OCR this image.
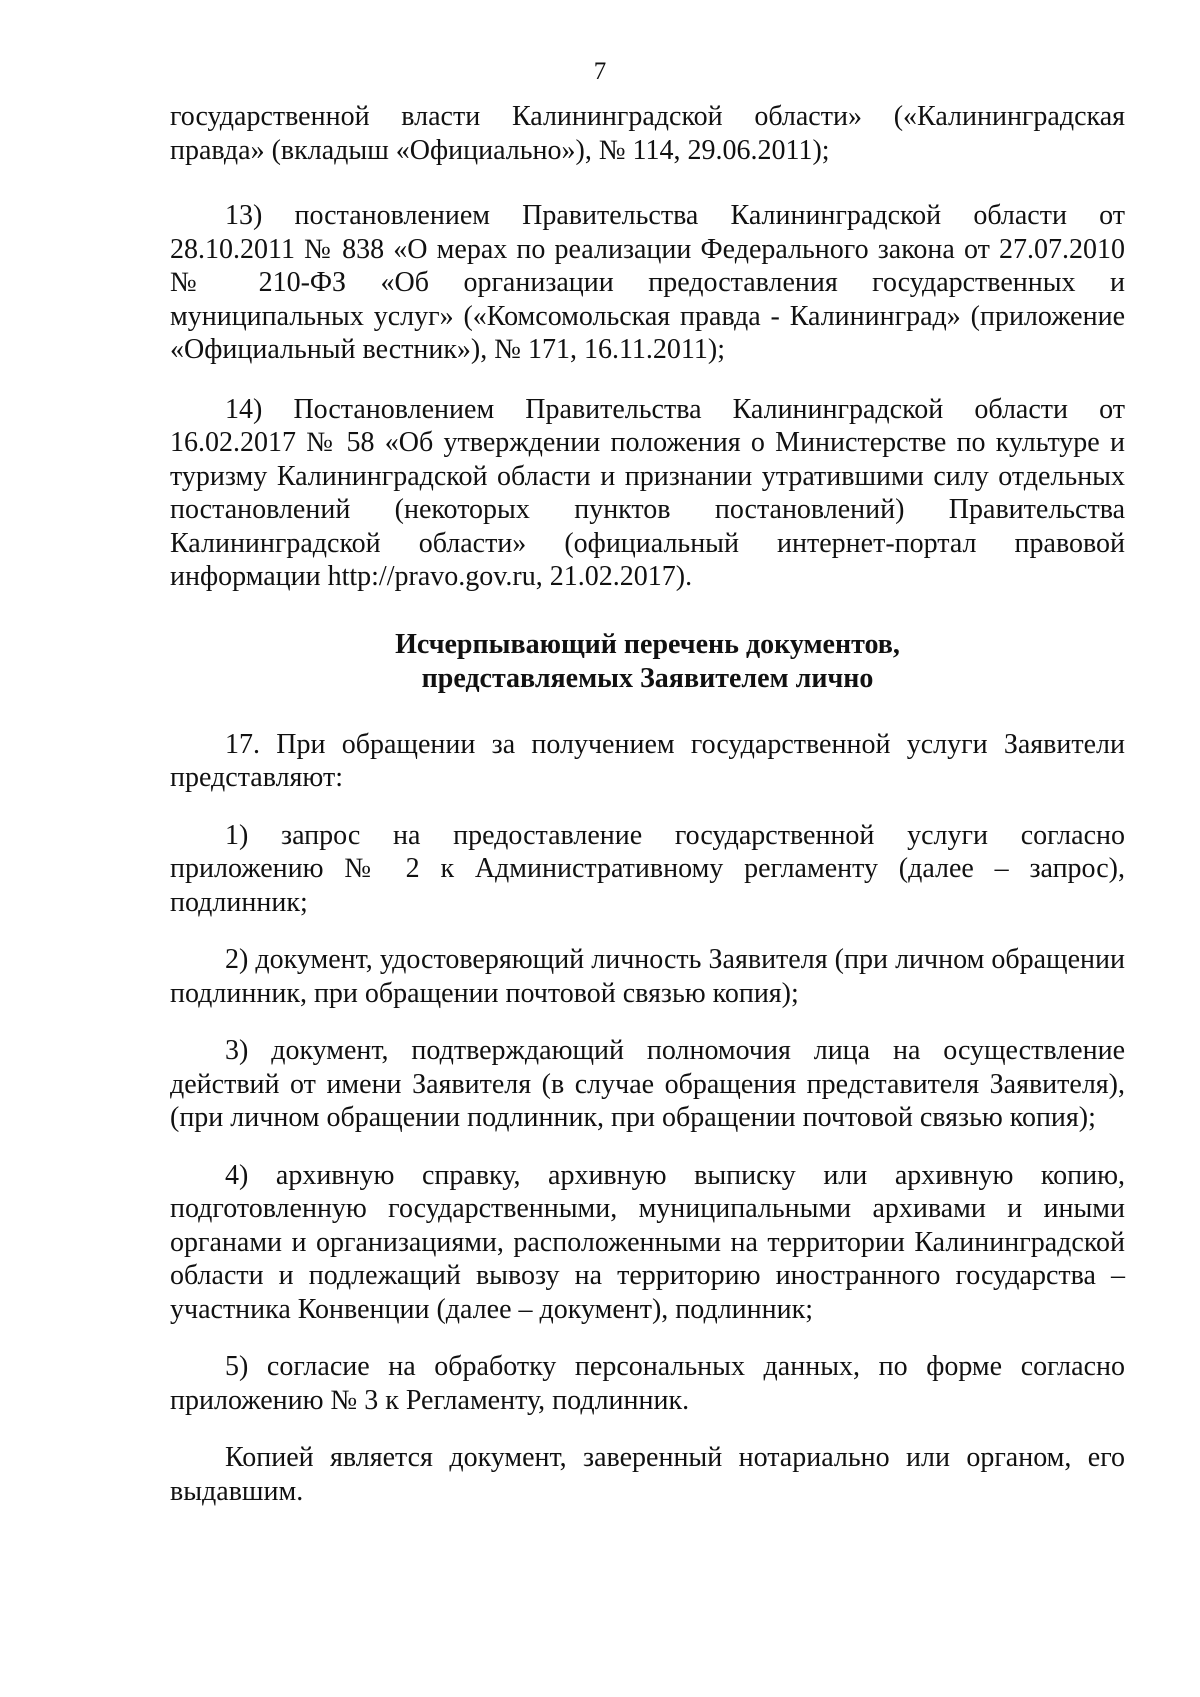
7

государственной власти Калининградской области» («Калининградская правда» (вкладыш «Официально»), № 114, 29.06.2011);

13) постановлением Правительства Калининградской области от 28.10.2011 № 838 «О мерах по реализации Федерального закона от 27.07.2010 № 210-ФЗ «Об организации предоставления государственных и муниципальных услуг» («Комсомольская правда - Калининград» (приложение «Официальный вестник»), № 171, 16.11.2011);

14) Постановлением Правительства Калининградской области от 16.02.2017 № 58 «Об утверждении положения о Министерстве по культуре и туризму Калининградской области и признании утратившими силу отдельных постановлений (некоторых пунктов постановлений) Правительства Калининградской области» (официальный интернет-портал правовой информации http://pravo.gov.ru, 21.02.2017).

Исчерпывающий перечень документов,
представляемых Заявителем лично

17. При обращении за получением государственной услуги Заявители представляют:

1) запрос на предоставление государственной услуги согласно приложению № 2 к Административному регламенту (далее – запрос), подлинник;

2) документ, удостоверяющий личность Заявителя (при личном обращении подлинник, при обращении почтовой связью копия);

3) документ, подтверждающий полномочия лица на осуществление действий от имени Заявителя (в случае обращения представителя Заявителя), (при личном обращении подлинник, при обращении почтовой связью копия);

4) архивную справку, архивную выписку или архивную копию, подготовленную государственными, муниципальными архивами и иными органами и организациями, расположенными на территории Калининградской области и подлежащий вывозу на территорию иностранного государства – участника Конвенции (далее – документ), подлинник;

5) согласие на обработку персональных данных, по форме согласно приложению № 3 к Регламенту, подлинник.

Копией является документ, заверенный нотариально или органом, его выдавшим.
